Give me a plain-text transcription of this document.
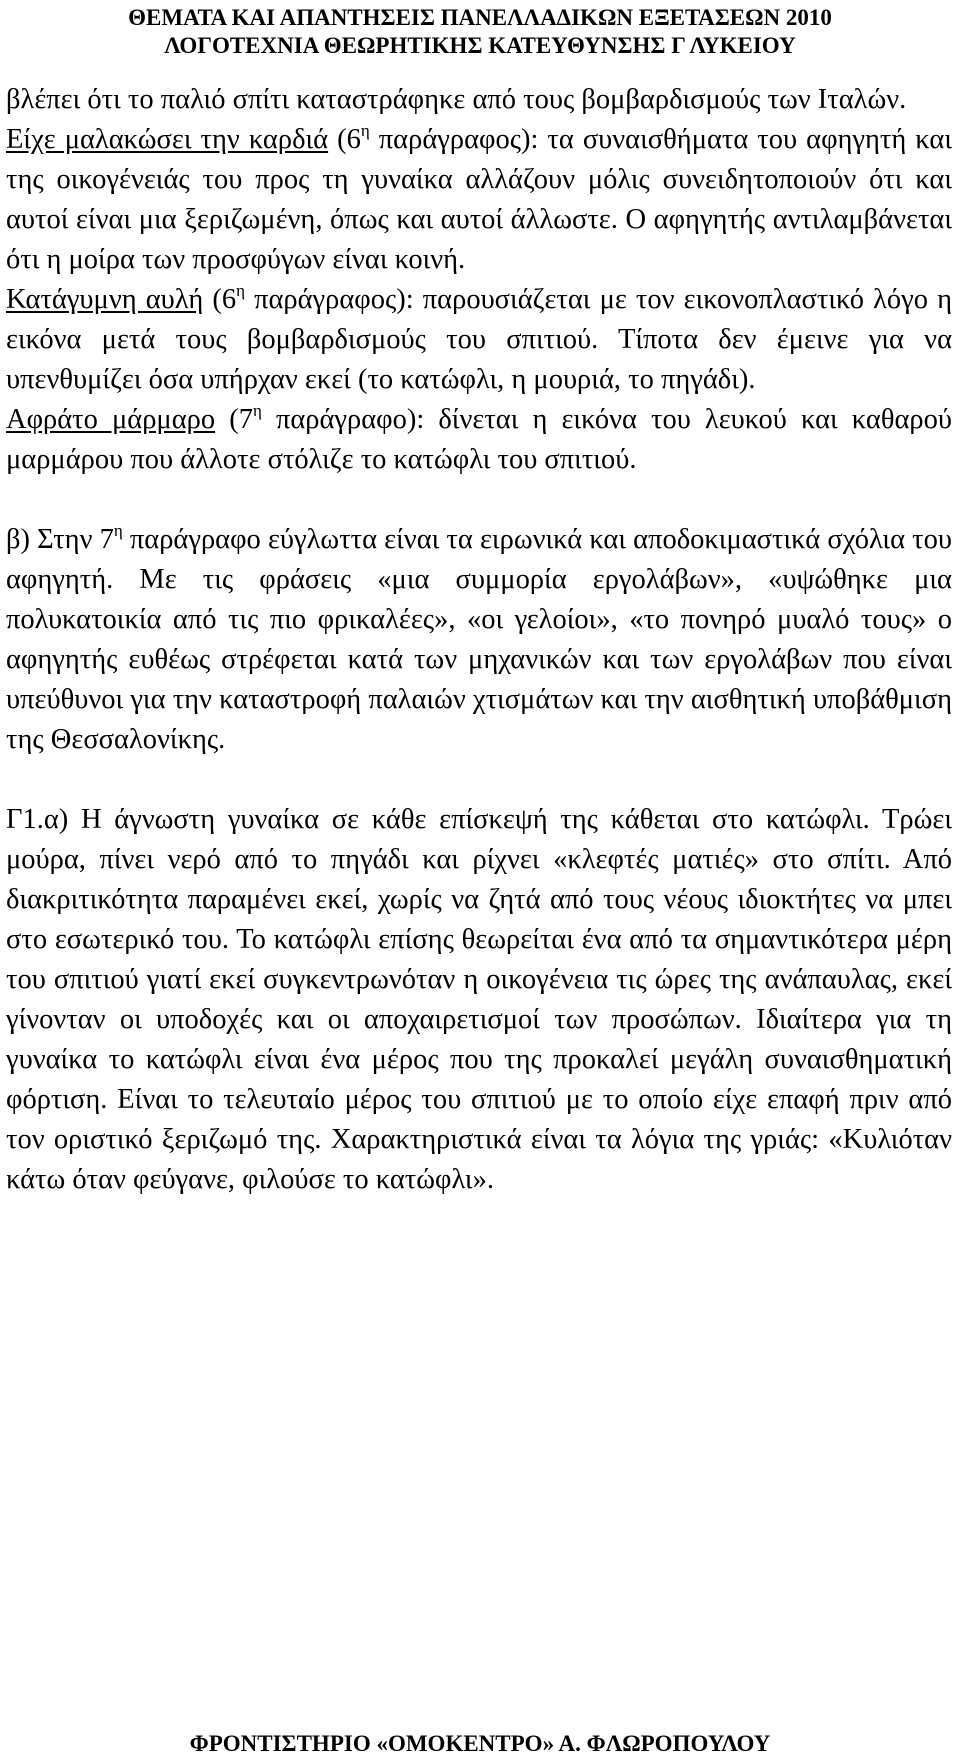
ΘΕΜΑΤΑ ΚΑΙ ΑΠΑΝΤΗΣΕΙΣ ΠΑΝΕΛΛΑΔΙΚΩΝ ΕΞΕΤΑΣΕΩΝ 2010
ΛΟΓΟΤΕΧΝΙΑ ΘΕΩΡΗΤΙΚΗΣ ΚΑΤΕΥΘΥΝΣΗΣ Γ ΛΥΚΕΙΟΥ

βλέπει ότι το παλιό σπίτι καταστράφηκε από τους βομβαρδισμούς των Ιταλών.

Είχε μαλακώσει την καρδιά ($6^\eta$ παράγραφος): τα συναισθήματα του αφηγητή και της οικογένειάς του προς τη γυναίκα αλλάζουν μόλις συνειδητοποιούν ότι και αυτοί είναι μια ξεριζωμένη, όπως και αυτοί άλλωστε. Ο αφηγητής αντιλαμβάνεται ότι η μοίρα των προσφύγων είναι κοινή.

Κατάγυμνη αυλή ($6^\eta$ παράγραφος): παρουσιάζεται με τον εικονοπλαστικό λόγο η εικόνα μετά τους βομβαρδισμούς του σπιτιού. Τίποτα δεν έμεινε για να υπενθυμίζει όσα υπήρχαν εκεί (το κατώφλι, η μουριά, το πηγάδι).

Αφράτο μάρμαρο ($7^\eta$ παράγραφο): δίνεται η εικόνα του λευκού και καθαρού μαρμάρου που άλλοτε στόλιζε το κατώφλι του σπιτιού.

β) Στην $7^\eta$ παράγραφο εύγλωττα είναι τα ειρωνικά και αποδοκιμαστικά σχόλια του αφηγητή. Με τις φράσεις «μια συμμορία εργολάβων», «υψώθηκε μια πολυκατοικία από τις πιο φρικαλέες», «οι γελοίοι», «το πονηρό μυαλό τους» ο αφηγητής ευθέως στρέφεται κατά των μηχανικών και των εργολάβων που είναι υπεύθυνοι για την καταστροφή παλαιών χτισμάτων και την αισθητική υποβάθμιση της Θεσσαλονίκης.

Γ1.α) Η άγνωστη γυναίκα σε κάθε επίσκεψή της κάθεται στο κατώφλι. Τρώει μούρα, πίνει νερό από το πηγάδι και ρίχνει «κλεφτές ματιές» στο σπίτι. Από διακριτικότητα παραμένει εκεί, χωρίς να ζητά από τους νέους ιδιοκτήτες να μπει στο εσωτερικό του. Το κατώφλι επίσης θεωρείται ένα από τα σημαντικότερα μέρη του σπιτιού γιατί εκεί συγκεντρωνόταν η οικογένεια τις ώρες της ανάπαυλας, εκεί γίνονταν οι υποδοχές και οι αποχαιρετισμοί των προσώπων. Ιδιαίτερα για τη γυναίκα το κατώφλι είναι ένα μέρος που της προκαλεί μεγάλη συναισθηματική φόρτιση. Είναι το τελευταίο μέρος του σπιτιού με το οποίο είχε επαφή πριν από τον οριστικό ξεριζωμό της. Χαρακτηριστικά είναι τα λόγια της γριάς: «Κυλιόταν κάτω όταν φεύγανε, φιλούσε το κατώφλι».

ΦΡΟΝΤΙΣΤΗΡΙΟ «ΟΜΟΚΕΝΤΡΟ» Α. ΦΛΩΡΟΠΟΥΛΟΥ
